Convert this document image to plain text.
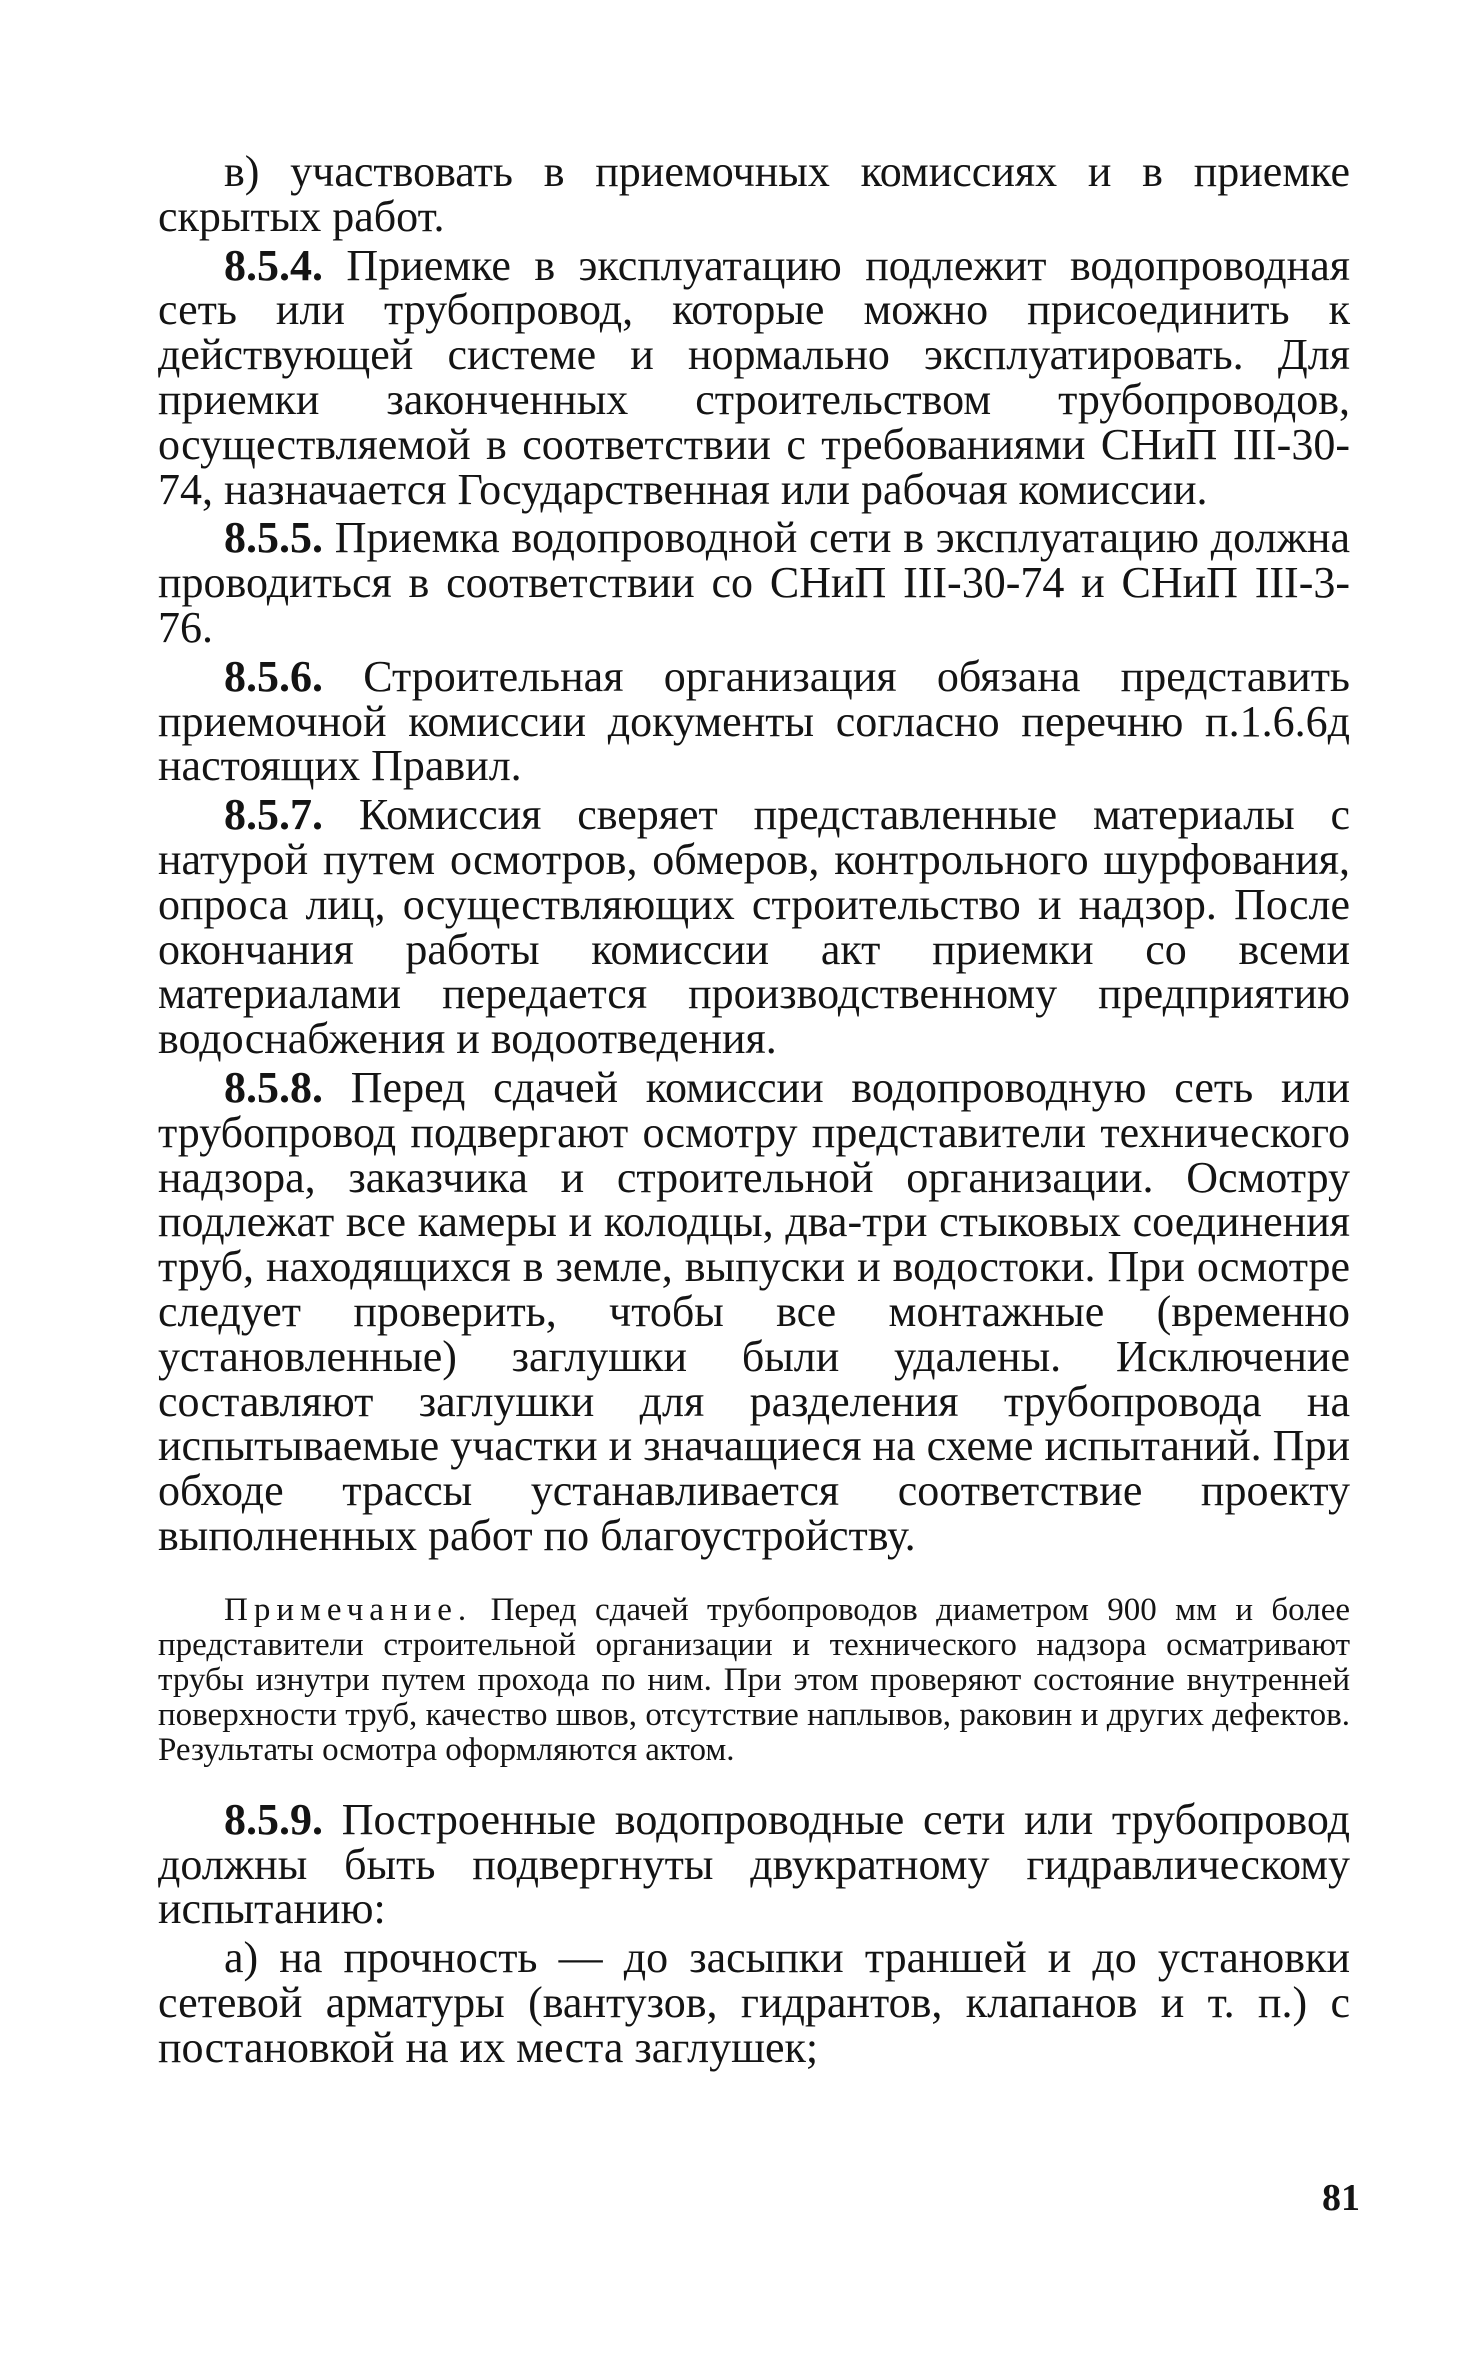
в) участвовать в приемочных комиссиях и в приемке скрытых работ.

8.5.4. Приемке в эксплуатацию подлежит водопроводная сеть или трубопровод, которые можно присоединить к действующей системе и нормально эксплуатировать. Для приемки законченных строительством трубопроводов, осуществляемой в соответствии с требованиями СНиП III-30-74, назначается Государственная или рабочая комиссии.

8.5.5. Приемка водопроводной сети в эксплуатацию должна проводиться в соответствии со СНиП III-30-74 и СНиП III-3-76.

8.5.6. Строительная организация обязана представить приемочной комиссии документы согласно перечню п.1.6.6д настоящих Правил.

8.5.7. Комиссия сверяет представленные материалы с натурой путем осмотров, обмеров, контрольного шурфования, опроса лиц, осуществляющих строительство и надзор. После окончания работы комиссии акт приемки со всеми материалами передается производственному предприятию водоснабжения и водоотведения.

8.5.8. Перед сдачей комиссии водопроводную сеть или трубопровод подвергают осмотру представители технического надзора, заказчика и строительной организации. Осмотру подлежат все камеры и колодцы, два-три стыковых соединения труб, находящихся в земле, выпуски и водостоки. При осмотре следует проверить, чтобы все монтажные (временно установленные) заглушки были удалены. Исключение составляют заглушки для разделения трубопровода на испытываемые участки и значащиеся на схеме испытаний. При обходе трассы устанавливается соответствие проекту выполненных работ по благоустройству.

Примечание. Перед сдачей трубопроводов диаметром 900 мм и более представители строительной организации и технического надзора осматривают трубы изнутри путем прохода по ним. При этом проверяют состояние внутренней поверхности труб, качество швов, отсутствие наплывов, раковин и других дефектов. Результаты осмотра оформляются актом.

8.5.9. Построенные водопроводные сети или трубопровод должны быть подвергнуты двукратному гидравлическому испытанию:

а) на прочность — до засыпки траншей и до установки сетевой арматуры (вантузов, гидрантов, клапанов и т. п.) с постановкой на их места заглушек;

81
